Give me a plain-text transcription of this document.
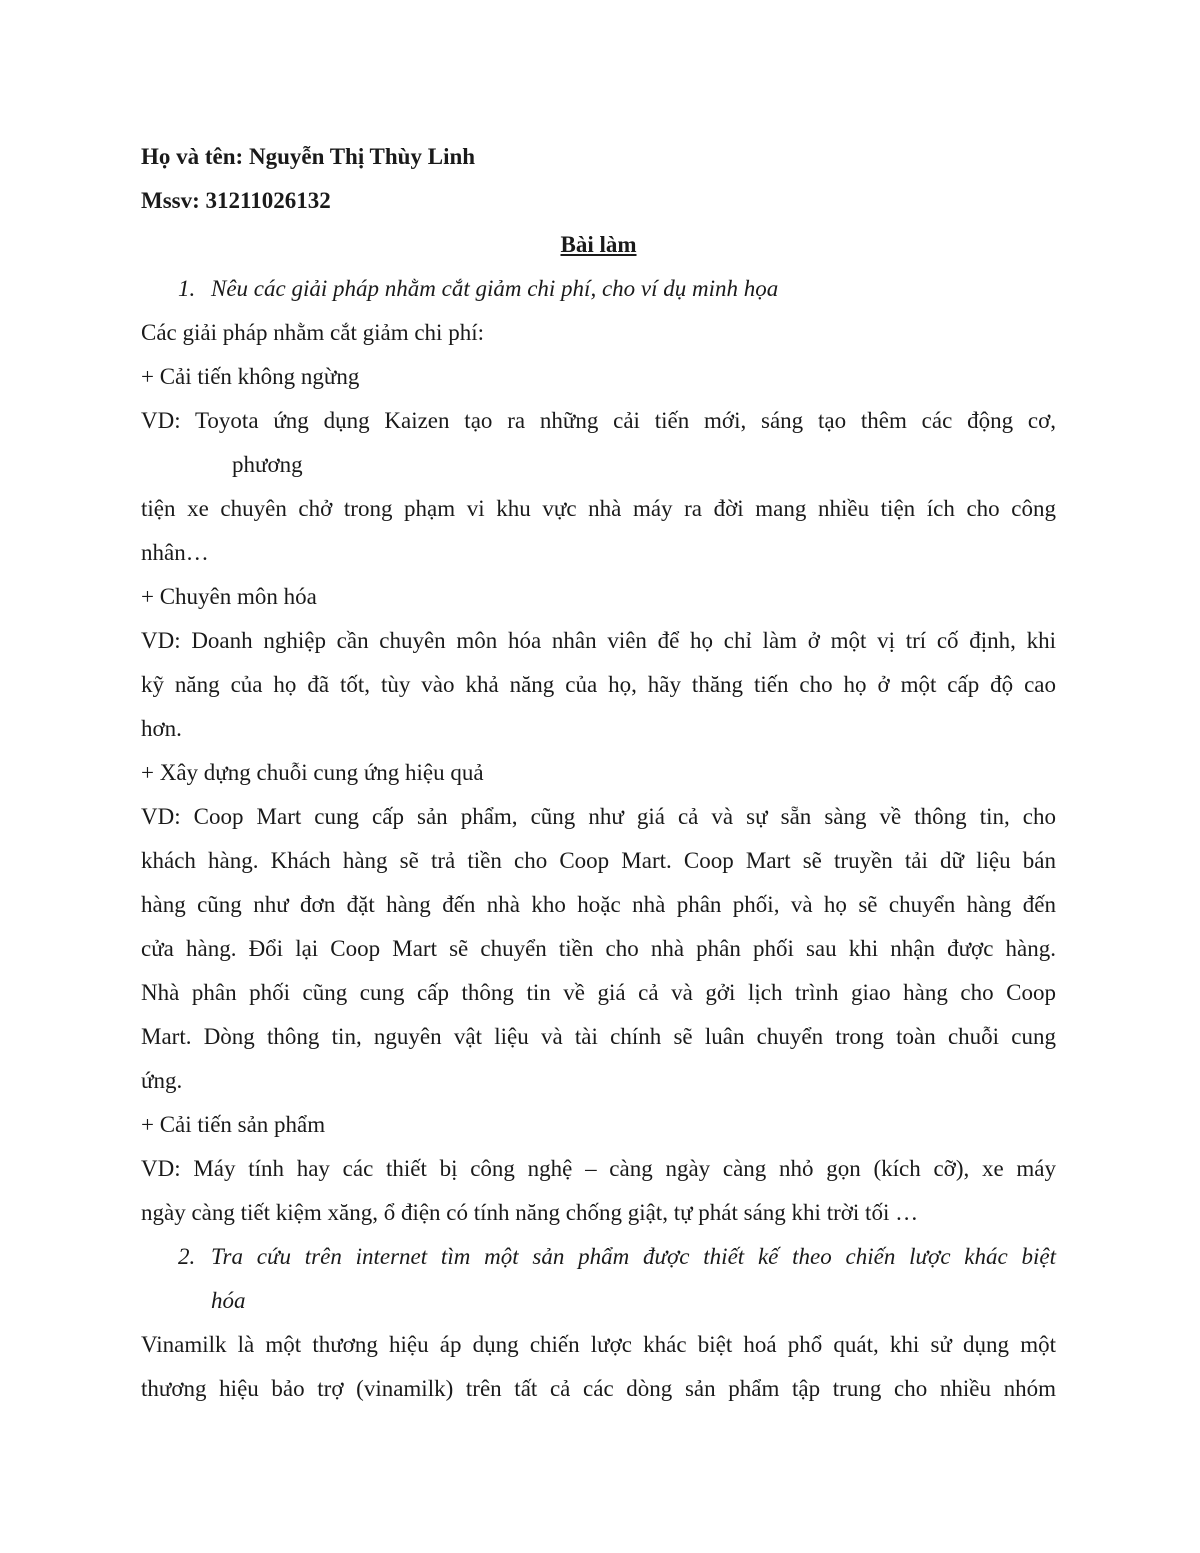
Họ và tên: Nguyễn Thị Thùy Linh
Mssv: 31211026132
Bài làm
1. Nêu các giải pháp nhằm cắt giảm chi phí, cho ví dụ minh họa
Các giải pháp nhằm cắt giảm chi phí:
+ Cải tiến không ngừng
VD: Toyota ứng dụng Kaizen tạo ra những cải tiến mới, sáng tạo thêm các động cơ,
phương
tiện xe chuyên chở trong phạm vi khu vực nhà máy ra đời mang nhiều tiện ích cho công
nhân…
+ Chuyên môn hóa
VD: Doanh nghiệp cần chuyên môn hóa nhân viên để họ chỉ làm ở một vị trí cố định, khi
kỹ năng của họ đã tốt, tùy vào khả năng của họ, hãy thăng tiến cho họ ở một cấp độ cao
hơn.
+ Xây dựng chuỗi cung ứng hiệu quả
VD: Coop Mart cung cấp sản phẩm, cũng như giá cả và sự sẵn sàng về thông tin, cho
khách hàng. Khách hàng sẽ trả tiền cho Coop Mart. Coop Mart sẽ truyền tải dữ liệu bán
hàng cũng như đơn đặt hàng đến nhà kho hoặc nhà phân phối, và họ sẽ chuyển hàng đến
cửa hàng. Đổi lại Coop Mart sẽ chuyển tiền cho nhà phân phối sau khi nhận được hàng.
Nhà phân phối cũng cung cấp thông tin về giá cả và gởi lịch trình giao hàng cho Coop
Mart. Dòng thông tin, nguyên vật liệu và tài chính sẽ luân chuyển trong toàn chuỗi cung
ứng.
+ Cải tiến sản phẩm
VD: Máy tính hay các thiết bị công nghệ – càng ngày càng nhỏ gọn (kích cỡ), xe máy
ngày càng tiết kiệm xăng, ổ điện có tính năng chống giật, tự phát sáng khi trời tối …
2. Tra cứu trên internet tìm một sản phẩm được thiết kế theo chiến lược khác biệt
hóa
Vinamilk là một thương hiệu áp dụng chiến lược khác biệt hoá phổ quát, khi sử dụng một
thương hiệu bảo trợ (vinamilk) trên tất cả các dòng sản phẩm tập trung cho nhiều nhóm
